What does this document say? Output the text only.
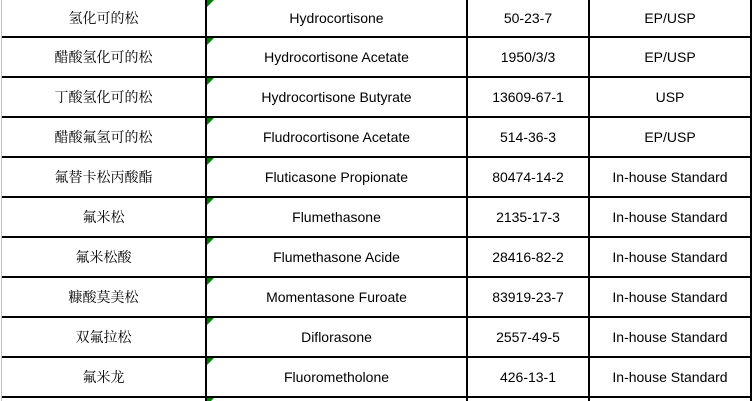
氢化可的松	Hydrocortisone	50-23-7	EP/USP
醋酸氢化可的松	Hydrocortisone Acetate	1950/3/3	EP/USP
丁酸氢化可的松	Hydrocortisone Butyrate	13609-67-1	USP
醋酸氟氢可的松	Fludrocortisone Acetate	514-36-3	EP/USP
氟替卡松丙酸酯	Fluticasone Propionate	80474-14-2	In-house Standard
氟米松	Flumethasone	2135-17-3	In-house Standard
氟米松酸	Flumethasone Acide	28416-82-2	In-house Standard
糠酸莫美松	Momentasone Furoate	83919-23-7	In-house Standard
双氟拉松	Diflorasone	2557-49-5	In-house Standard
氟米龙	Fluorometholone	426-13-1	In-house Standard
